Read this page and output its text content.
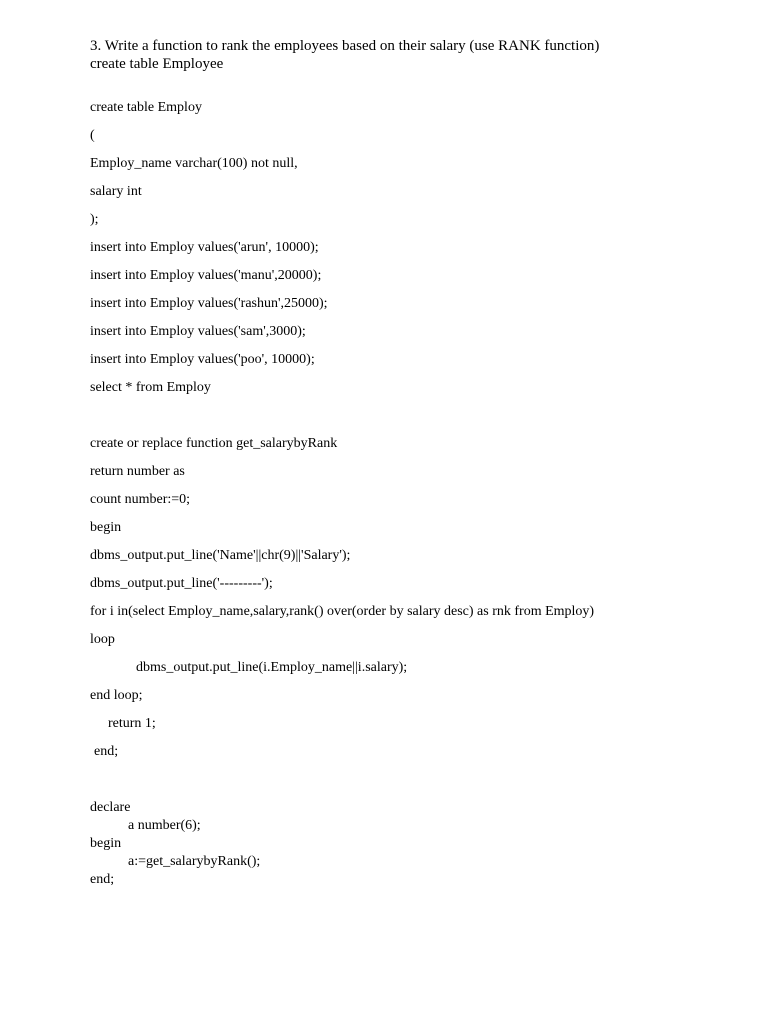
3. Write a function to rank the employees based on their salary (use RANK function)
create table Employee
create table Employ
(
Employ_name varchar(100) not null,
salary int
);
insert into Employ values('arun', 10000);
insert into Employ values('manu',20000);
insert into Employ values('rashun',25000);
insert into Employ values('sam',3000);
insert into Employ values('poo', 10000);
select * from Employ
create or replace function get_salarybyRank
return number as
count number:=0;
begin
dbms_output.put_line('Name'||chr(9)||'Salary');
dbms_output.put_line('---------');
for i in(select Employ_name,salary,rank() over(order by salary desc) as rnk from Employ)
loop
dbms_output.put_line(i.Employ_name||i.salary);
end loop;
return 1;
end;
declare
a number(6);
begin
a:=get_salarybyRank();
end;
